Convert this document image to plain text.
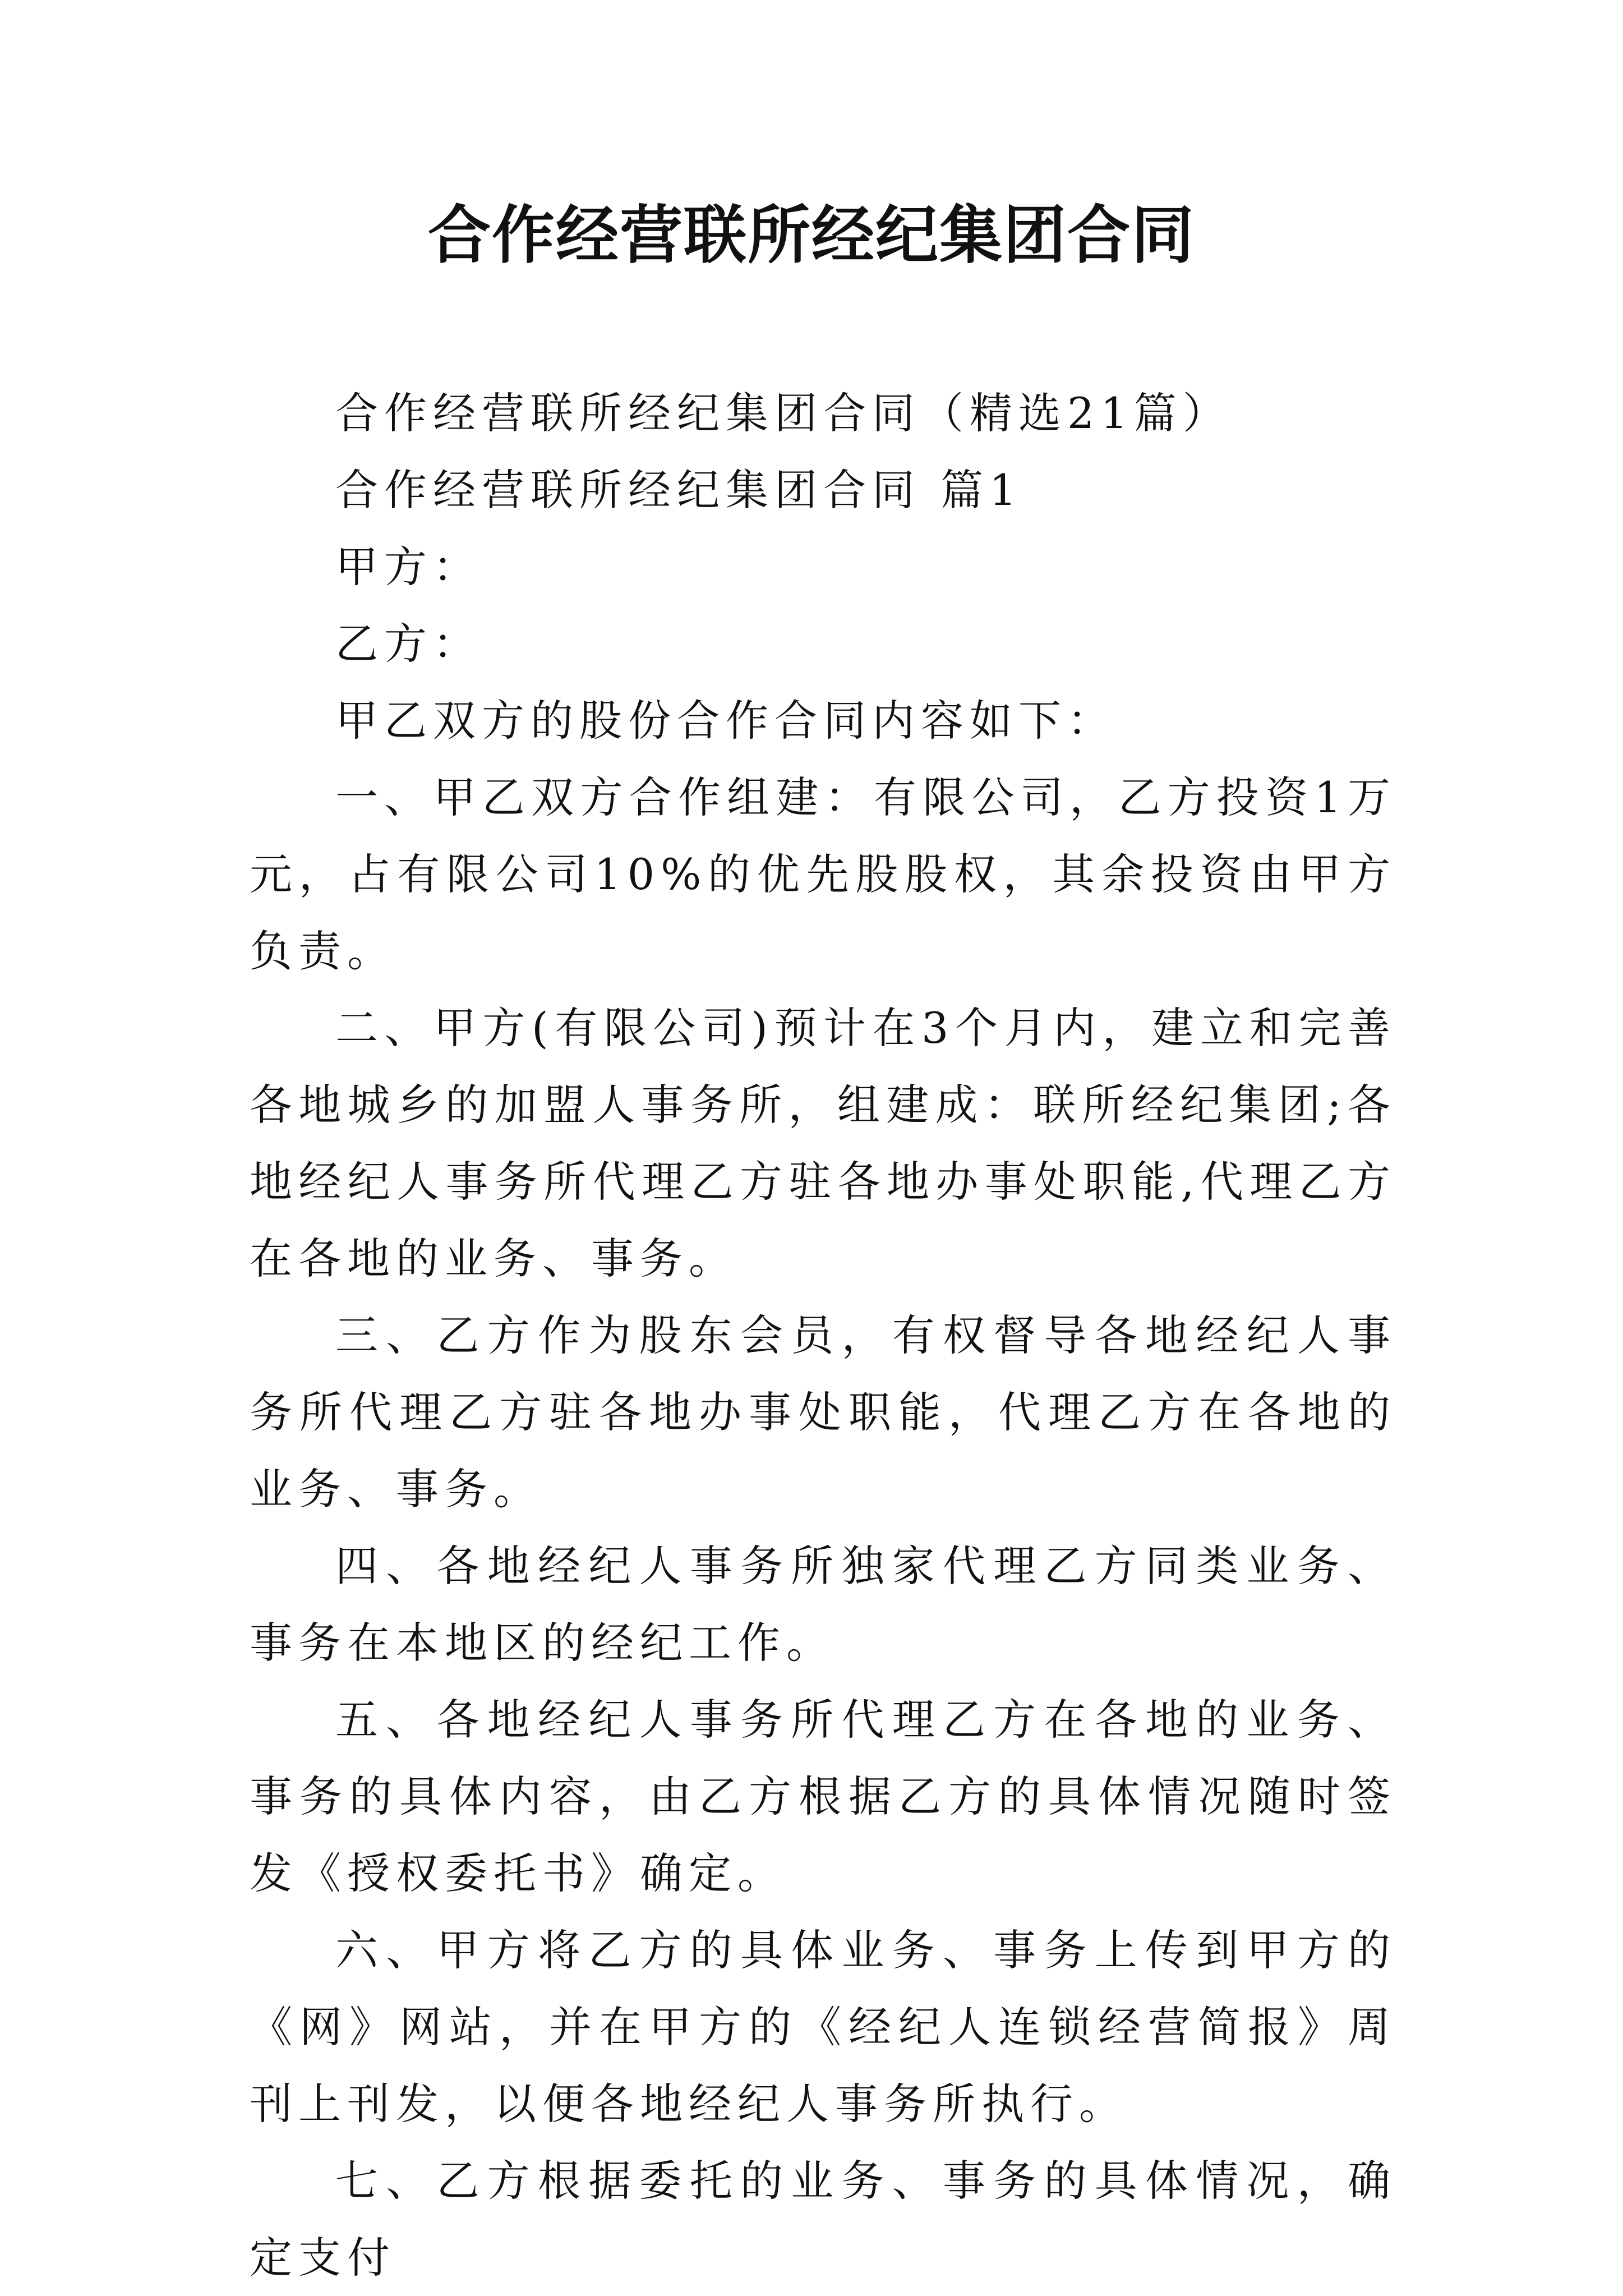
合作经营联所经纪集团合同

合作经营联所经纪集团合同（精选21篇）

合作经营联所经纪集团合同 篇1

甲方：

乙方：

甲乙双方的股份合作合同内容如下：

一、甲乙双方合作组建：有限公司，乙方投资1万元，占有限公司10%的优先股股权，其余投资由甲方负责。

二、甲方(有限公司)预计在3个月内，建立和完善各地城乡的加盟人事务所，组建成：联所经纪集团;各地经纪人事务所代理乙方驻各地办事处职能,代理乙方在各地的业务、事务。

三、乙方作为股东会员，有权督导各地经纪人事务所代理乙方驻各地办事处职能，代理乙方在各地的业务、事务。

四、各地经纪人事务所独家代理乙方同类业务、事务在本地区的经纪工作。

五、各地经纪人事务所代理乙方在各地的业务、事务的具体内容，由乙方根据乙方的具体情况随时签发《授权委托书》确定。

六、甲方将乙方的具体业务、事务上传到甲方的《网》网站，并在甲方的《经纪人连锁经营简报》周刊上刊发，以便各地经纪人事务所执行。

七、乙方根据委托的业务、事务的具体情况，确定支付
